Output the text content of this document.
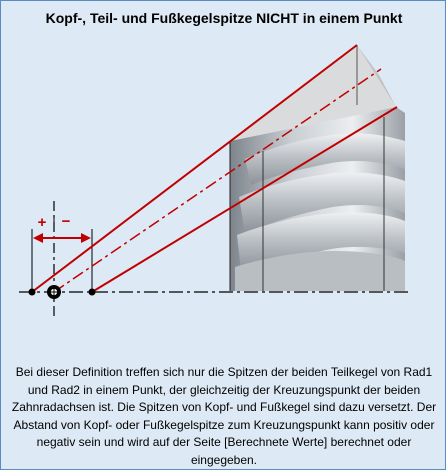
Kopf-, Teil- und Fußkegelspitze NICHT in einem Punkt
+ −
Bei dieser Definition treffen sich nur die Spitzen der beiden Teilkegel von Rad1 und Rad2 in einem Punkt, der gleichzeitig der Kreuzungspunkt der beiden Zahnradachsen ist. Die Spitzen von Kopf- und Fußkegel sind dazu versetzt. Der Abstand von Kopf- oder Fußkegelspitze zum Kreuzungspunkt kann positiv oder negativ sein und wird auf der Seite [Berechnete Werte] berechnet oder eingegeben.
